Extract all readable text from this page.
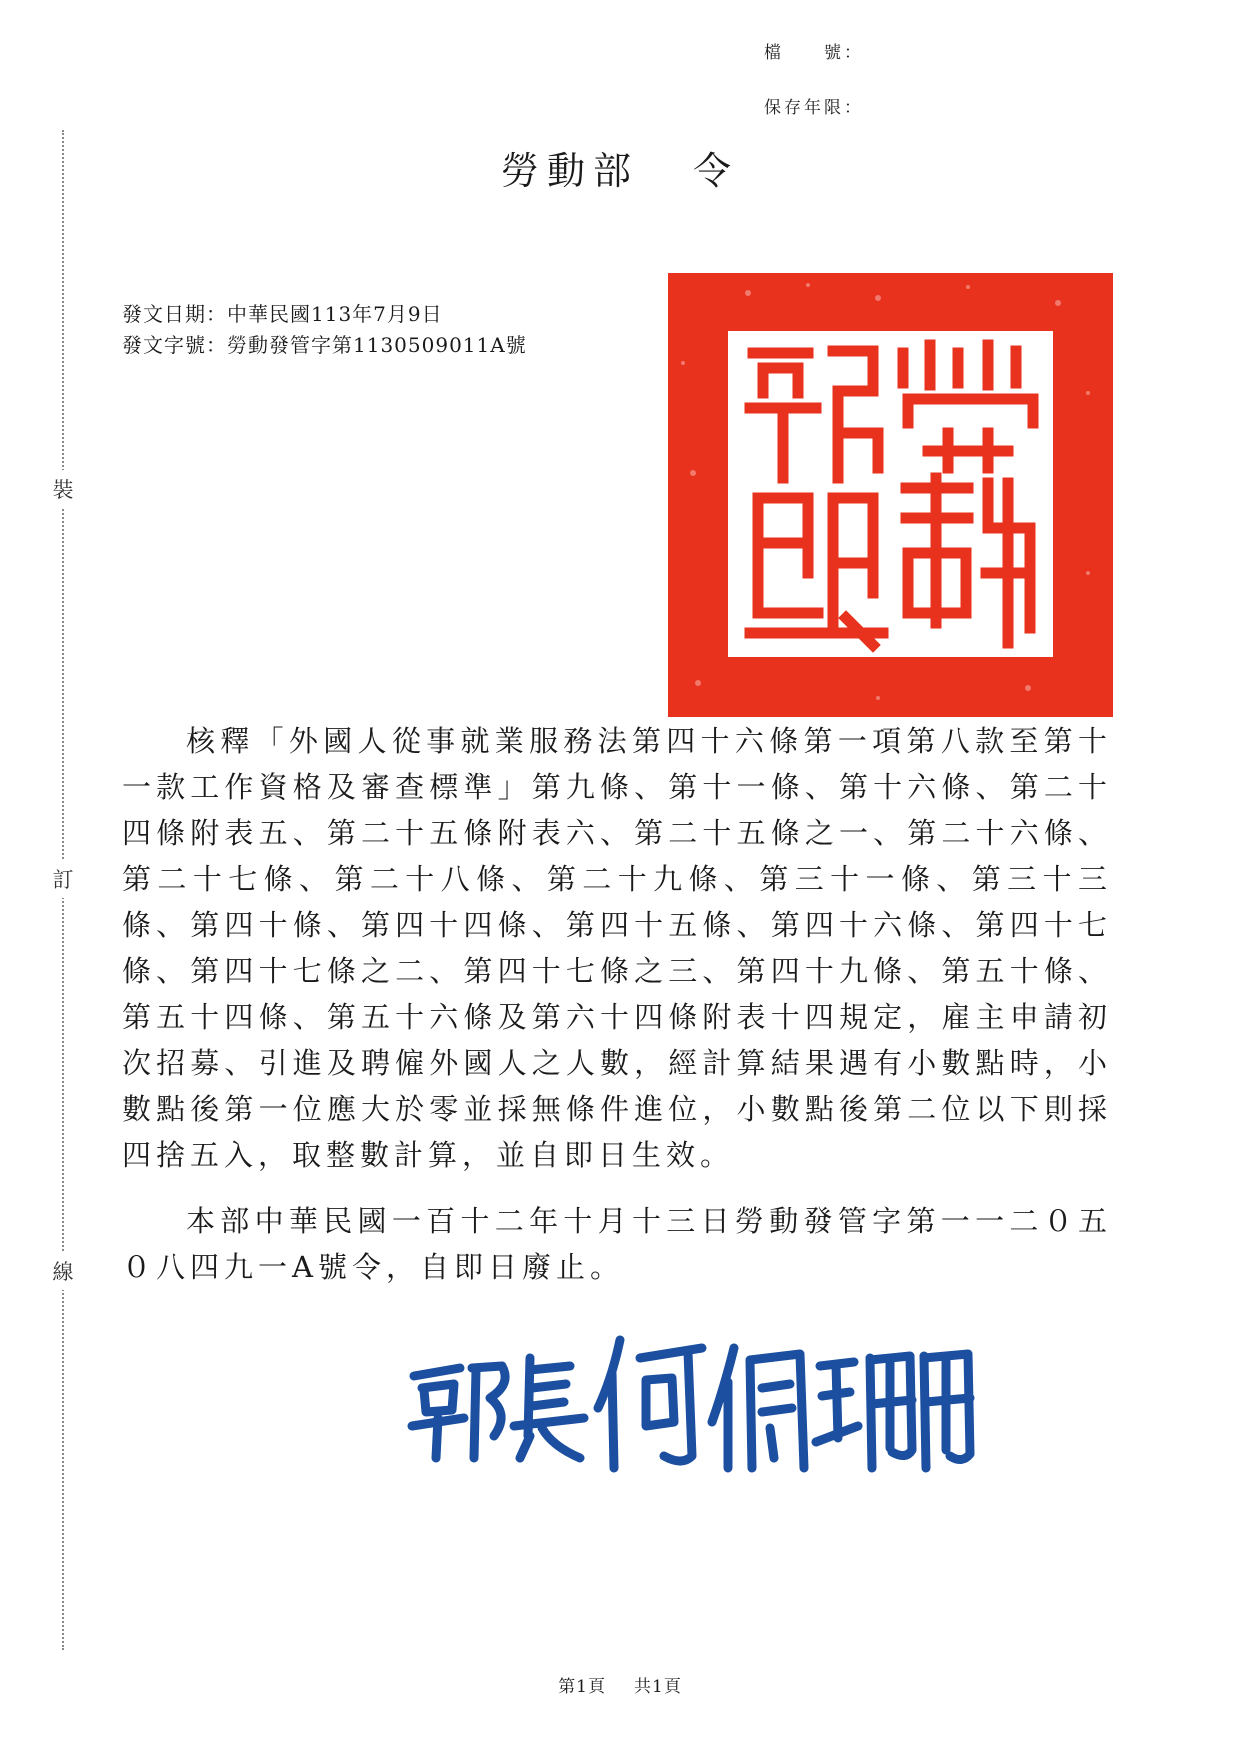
裝
訂
線
檔　　號：
保存年限：
勞動部 令
發文日期：中華民國113年7月9日
發文字號：勞動發管字第1130509011A號

核釋「外國人從事就業服務法第四十六條第一項第八款至第十一款工作資格及審查標準」第九條、第十一條、第十六條、第二十四條附表五、第二十五條附表六、第二十五條之一、第二十六條、第二十七條、第二十八條、第二十九條、第三十一條、第三十三條、第四十條、第四十四條、第四十五條、第四十六條、第四十七條、第四十七條之二、第四十七條之三、第四十九條、第五十條、第五十四條、第五十六條及第六十四條附表十四規定，雇主申請初次招募、引進及聘僱外國人之人數，經計算結果遇有小數點時，小數點後第一位應大於零並採無條件進位，小數點後第二位以下則採四捨五入，取整數計算，並自即日生效。

本部中華民國一百十二年十月十三日勞動發管字第一一二０五０八四九一A號令，自即日廢止。

第1頁 共1頁
